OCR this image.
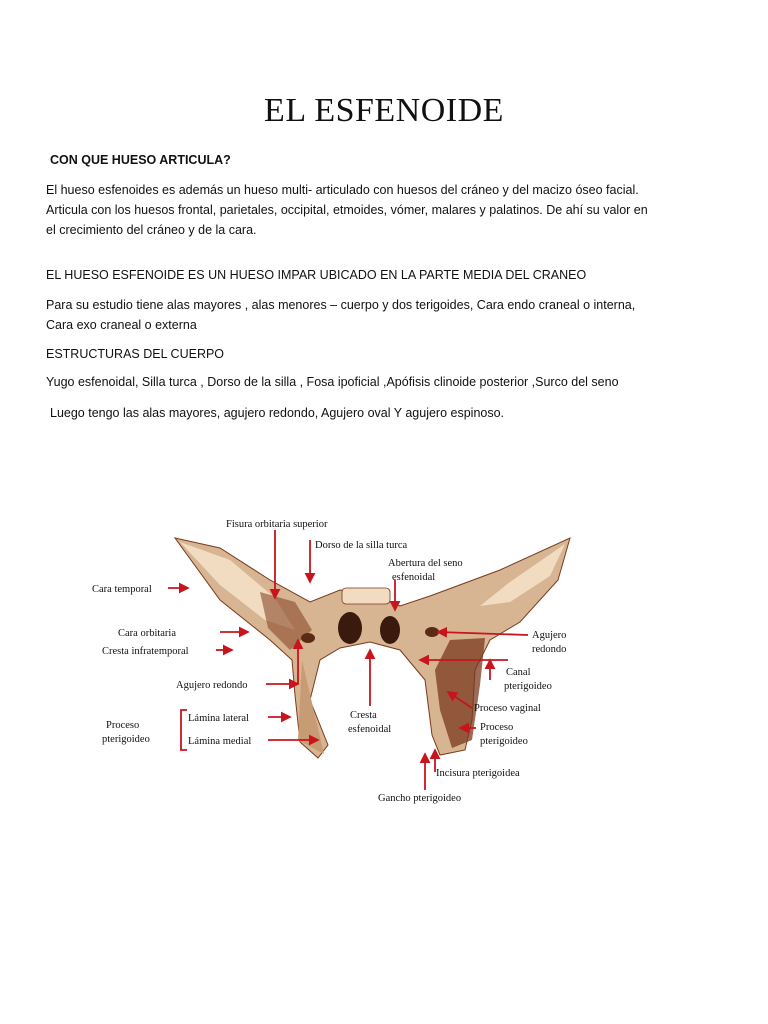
EL ESFENOIDE
CON QUE HUESO ARTICULA?
El hueso esfenoides es además un hueso multi- articulado con huesos del cráneo y del macizo óseo facial.
Articula con los huesos frontal, parietales, occipital, etmoides, vómer, malares y palatinos. De ahí su valor en
el crecimiento del cráneo y de la cara.
EL HUESO ESFENOIDE ES UN HUESO IMPAR UBICADO EN LA PARTE MEDIA DEL CRANEO
Para su estudio tiene alas mayores , alas menores – cuerpo y dos terigoides, Cara endo craneal o interna,
Cara exo craneal o externa
ESTRUCTURAS DEL CUERPO
Yugo esfenoidal, Silla turca , Dorso de la silla , Fosa ipoficial ,Apófisis clinoide posterior ,Surco del seno
Luego tengo las alas mayores, agujero redondo, Agujero oval Y agujero espinoso.
Fisura orbitaria superior
Dorso de la silla turca
Abertura del seno
esfenoidal
Cara temporal
Cara orbitaria
Cresta infratemporal
Agujero redondo
Proceso
pterigoideo
Lámina lateral
Lámina medial
Cresta
esfenoidal
Agujero
redondo
Canal
pterigoideo
Proceso vaginal
Proceso
pterigoideo
Incisura pterigoidea
Gancho pterigoideo
